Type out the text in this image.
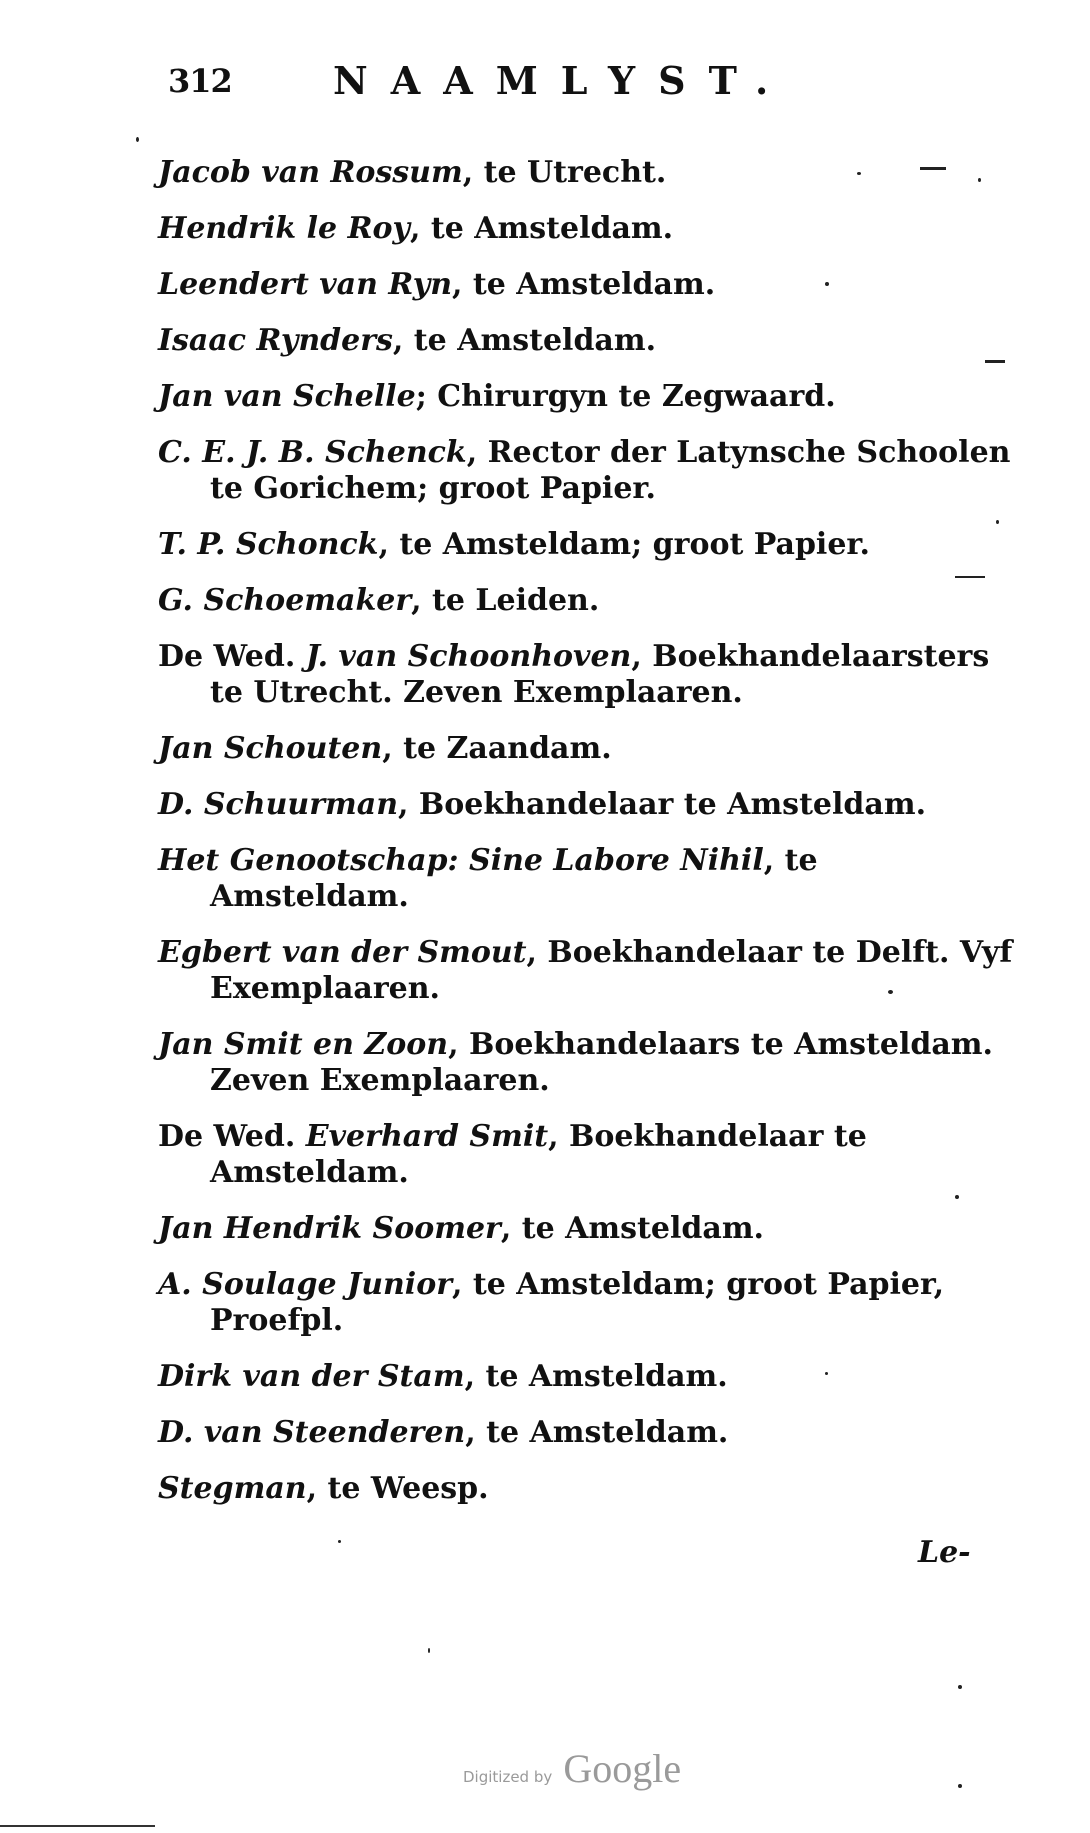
312	NAAMLYST.
Jacob van Rossum, te Utrecht.
Hendrik le Roy, te Amsteldam.
Leendert van Ryn, te Amsteldam.
Isaac Rynders, te Amsteldam.
Jan van Schelle; Chirurgyn te Zegwaard.
C. E. J. B. Schenck, Rector der Latynsche Schoolen te Gorichem; groot Papier.
T. P. Schonck, te Amsteldam; groot Papier.
G. Schoemaker, te Leiden.
De Wed. J. van Schoonhoven, Boekhandelaarsters te Utrecht. Zeven Exemplaaren.
Jan Schouten, te Zaandam.
D. Schuurman, Boekhandelaar te Amsteldam.
Het Genootschap: Sine Labore Nihil, te Amsteldam.
Egbert van der Smout, Boekhandelaar te Delft. Vyf Exemplaaren.
Jan Smit en Zoon, Boekhandelaars te Amsteldam. Zeven Exemplaaren.
De Wed. Everhard Smit, Boekhandelaar te Amsteldam.
Jan Hendrik Soomer, te Amsteldam.
A. Soulage Junior, te Amsteldam; groot Papier, Proefpl.
Dirk van der Stam, te Amsteldam.
D. van Steenderen, te Amsteldam.
Stegman, te Weesp.
Le-
Digitized by Google
